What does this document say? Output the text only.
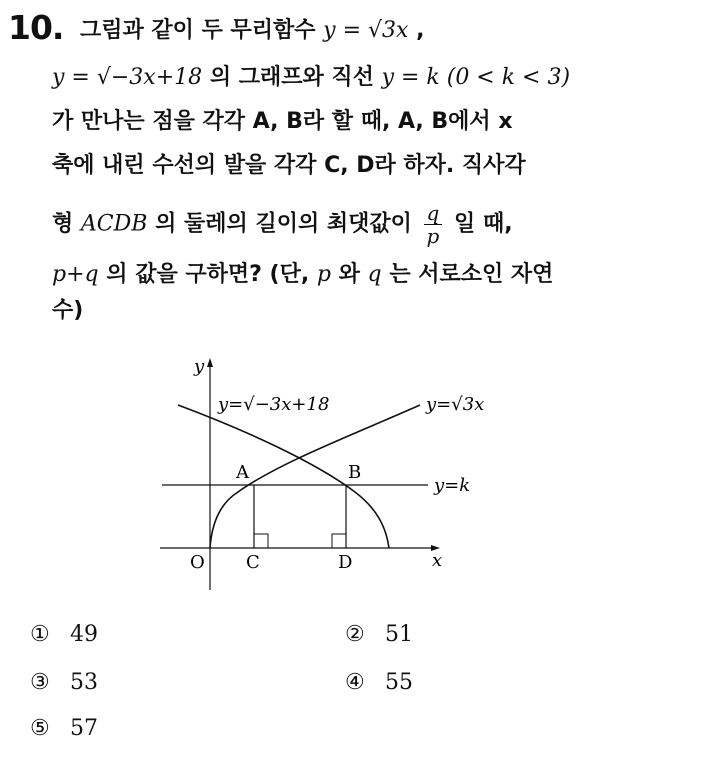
10. 그림과 같이 두 무리함수 y = √3x ,
y = √−3x+18 의 그래프와 직선 y = k (0 < k < 3)
가 만나는 점을 각각 A, B라 할 때, A, B에서 x
축에 내린 수선의 발을 각각 C, D라 하자. 직사각
형 ACDB 의 둘레의 길이의 최댓값이 $\frac{q}{p}$ 일 때,
p+q 의 값을 구하면? (단, p 와 q 는 서로소인 자연
수)
y=√−3x+18	y=√3x
y=k
y
x
O
A	B
C	D
① 49	② 51
③ 53	④ 55
⑤ 57
